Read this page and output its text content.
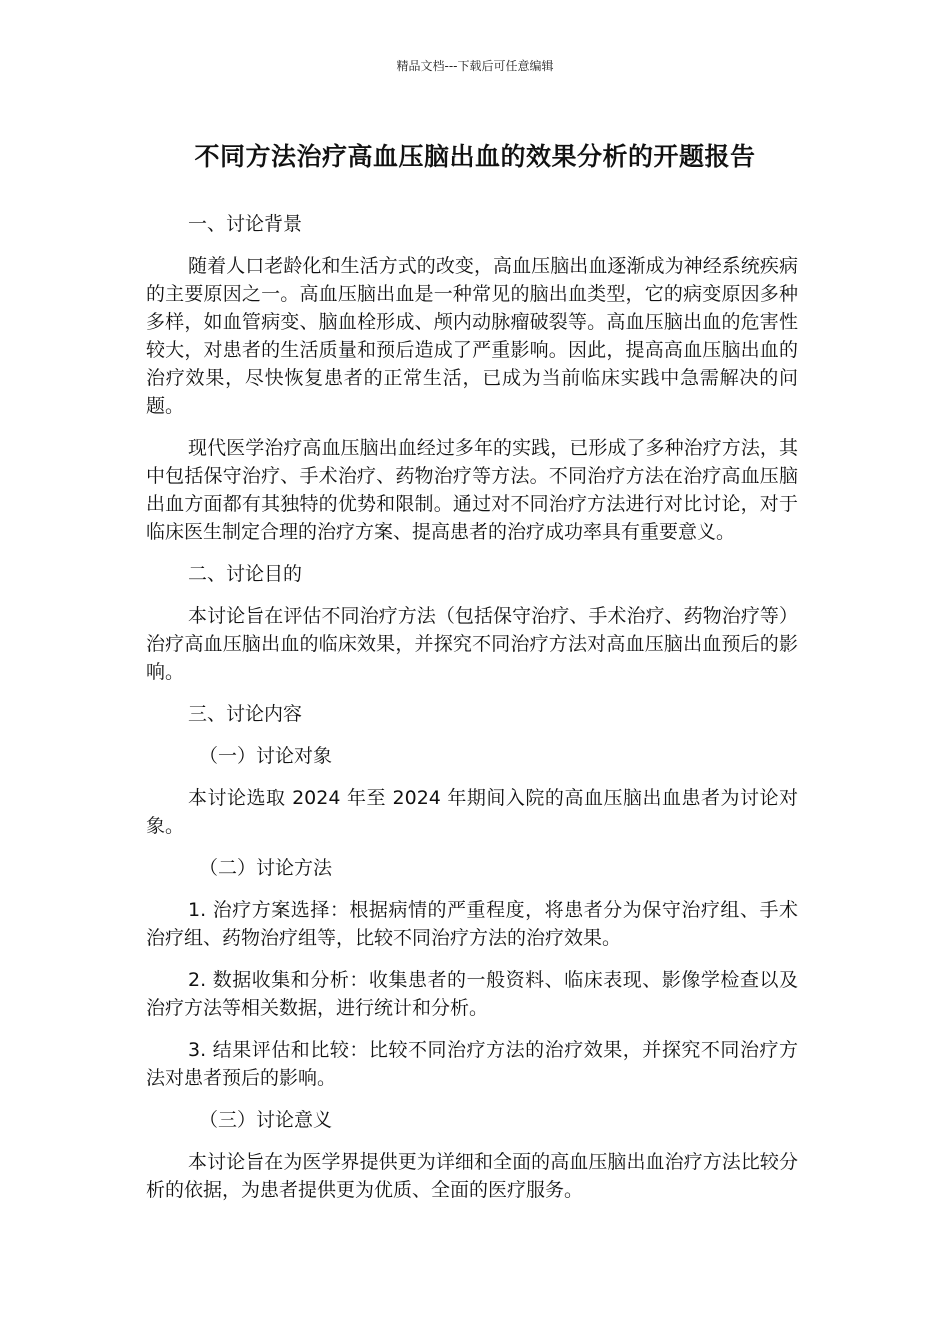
精品文档---下载后可任意编辑
不同方法治疗高血压脑出血的效果分析的开题报告
一、讨论背景
随着人口老龄化和生活方式的改变，高血压脑出血逐渐成为神经系统疾病的主要原因之一。高血压脑出血是一种常见的脑出血类型，它的病变原因多种多样，如血管病变、脑血栓形成、颅内动脉瘤破裂等。高血压脑出血的危害性较大，对患者的生活质量和预后造成了严重影响。因此，提高高血压脑出血的治疗效果，尽快恢复患者的正常生活，已成为当前临床实践中急需解决的问题。
现代医学治疗高血压脑出血经过多年的实践，已形成了多种治疗方法，其中包括保守治疗、手术治疗、药物治疗等方法。不同治疗方法在治疗高血压脑出血方面都有其独特的优势和限制。通过对不同治疗方法进行对比讨论，对于临床医生制定合理的治疗方案、提高患者的治疗成功率具有重要意义。
二、讨论目的
本讨论旨在评估不同治疗方法（包括保守治疗、手术治疗、药物治疗等）治疗高血压脑出血的临床效果，并探究不同治疗方法对高血压脑出血预后的影响。
三、讨论内容
（一）讨论对象
本讨论选取 2024 年至 2024 年期间入院的高血压脑出血患者为讨论对象。
（二）讨论方法
1. 治疗方案选择：根据病情的严重程度，将患者分为保守治疗组、手术治疗组、药物治疗组等，比较不同治疗方法的治疗效果。
2. 数据收集和分析：收集患者的一般资料、临床表现、影像学检查以及治疗方法等相关数据，进行统计和分析。
3. 结果评估和比较：比较不同治疗方法的治疗效果，并探究不同治疗方法对患者预后的影响。
（三）讨论意义
本讨论旨在为医学界提供更为详细和全面的高血压脑出血治疗方法比较分析的依据，为患者提供更为优质、全面的医疗服务。
